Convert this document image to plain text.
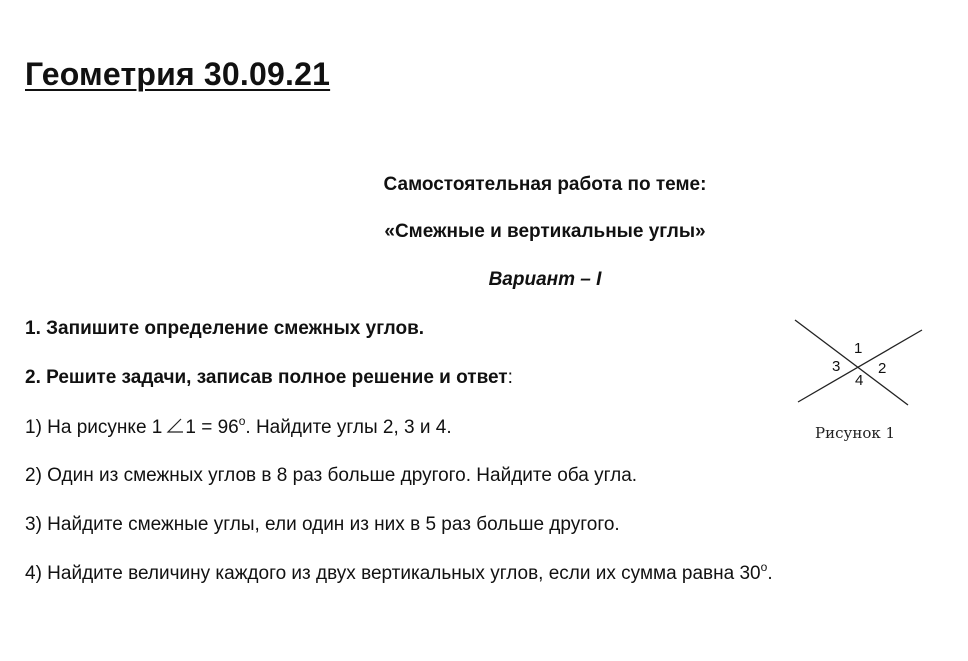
Геометрия 30.09.21
Самостоятельная работа по теме:
«Смежные и вертикальные углы»
Вариант – I
1. Запишите определение смежных углов.
2. Решите задачи, записав полное решение и ответ:
1) На рисунке 1 $1 = 96^о$. Найдите углы 2, 3 и 4.
2) Один из смежных углов в 8 раз больше другого. Найдите оба угла.
3) Найдите смежные углы, ели один из них в 5 раз больше другого.
4) Найдите величину каждого из двух вертикальных углов, если их сумма равна $30^о$.
1
2
3
4
Рисунок 1
